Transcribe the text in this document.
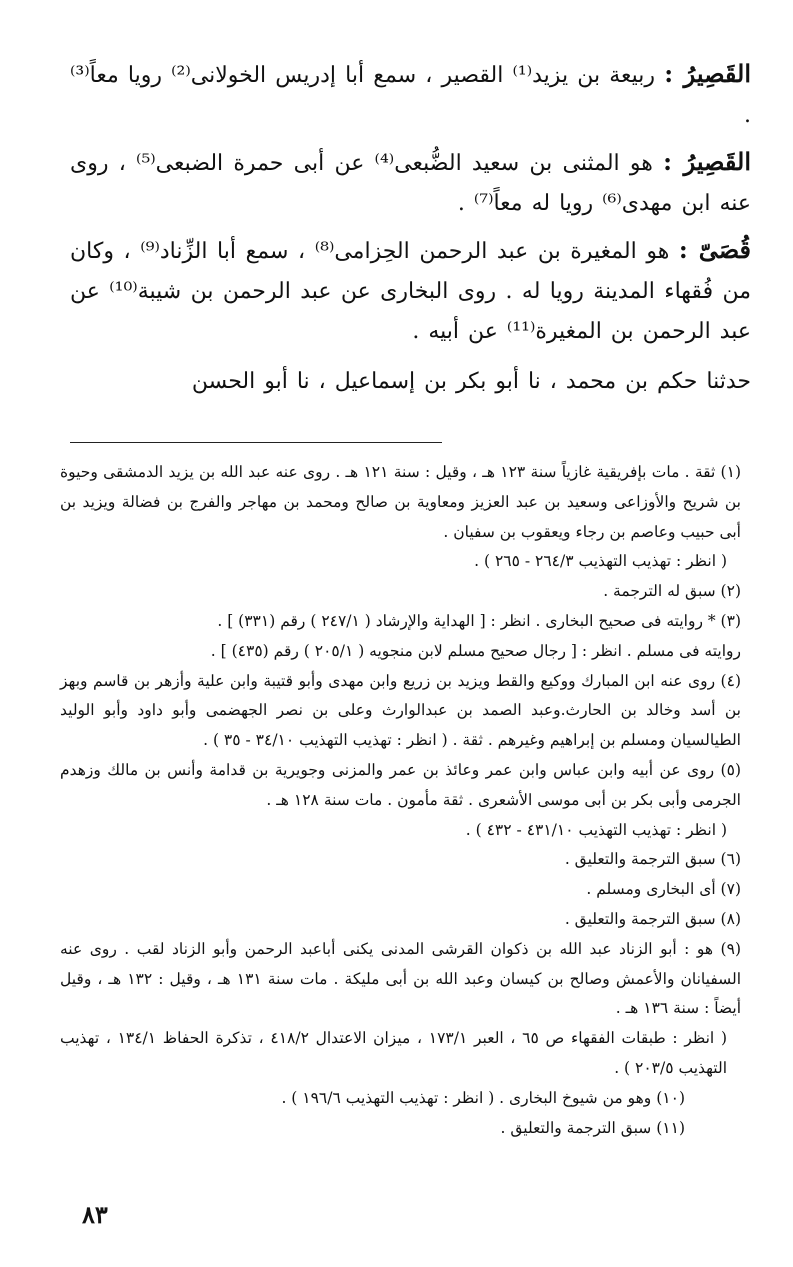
القَصِيرُ : ربيعة بن يزيد⁽¹⁾ القصير ، سمع أبا إدريس الخولانى⁽²⁾ رويا معاً⁽³⁾ .

القَصِيرُ : هو المثنى بن سعيد الضُّبعى⁽⁴⁾ عن أبى حمرة الضبعى⁽⁵⁾ ، روى عنه ابن مهدى⁽⁶⁾ رويا له معاً⁽⁷⁾ .

قُصَىّ : هو المغيرة بن عبد الرحمن الحِزامى⁽⁸⁾ ، سمع أبا الزِّناد⁽⁹⁾ ، وكان من فُقهاء المدينة رويا له . روى البخارى عن عبد الرحمن بن شيبة⁽¹⁰⁾ عن عبد الرحمن بن المغيرة⁽¹¹⁾ عن أبيه .

حدثنا حكم بن محمد ، نا أبو بكر بن إسماعيل ، نا أبو الحسن

(١) ثقة . مات بإفريقية غازياً سنة ١٢٣ هـ ، وقيل : سنة ١٢١ هـ . روى عنه عبد الله بن يزيد الدمشقى وحيوة بن شريح والأوزاعى وسعيد بن عبد العزيز ومعاوية بن صالح ومحمد بن مهاجر والفرج بن فضالة ويزيد بن أبى حبيب وعاصم بن رجاء ويعقوب بن سفيان .

( انظر : تهذيب التهذيب ٢٦٤/٣ - ٢٦٥ ) .

(٢) سبق له الترجمة .

(٣) * روايته فى صحيح البخارى . انظر : [ الهداية والإرشاد ( ٢٤٧/١ ) رقم (٣٣١) ] .

روايته فى مسلم . انظر : [ رجال صحيح مسلم لابن منجويه ( ٢٠٥/١ ) رقم (٤٣٥) ] .

(٤) روى عنه ابن المبارك ووكيع والقط ويزيد بن زريع وابن مهدى وأبو قتيبة وابن علية وأزهر بن قاسم وبهز بن أسد وخالد بن الحارث.وعبد الصمد بن عبدالوارث وعلى بن نصر الجهضمى وأبو داود وأبو الوليد الطيالسيان ومسلم بن إبراهيم وغيرهم . ثقة . ( انظر : تهذيب التهذيب ٣٤/١٠ - ٣٥ ) .

(٥) روى عن أبيه وابن عباس وابن عمر وعائذ بن عمر والمزنى وجويرية بن قدامة وأنس بن مالك وزهدم الجرمى وأبى بكر بن أبى موسى الأشعرى . ثقة مأمون . مات سنة ١٢٨ هـ .

( انظر : تهذيب التهذيب ٤٣١/١٠ - ٤٣٢ ) .

(٦) سبق الترجمة والتعليق .

(٧) أى البخارى ومسلم .

(٨) سبق الترجمة والتعليق .

(٩) هو : أبو الزناد عبد الله بن ذكوان القرشى المدنى يكنى أباعبد الرحمن وأبو الزناد لقب . روى عنه السفيانان والأعمش وصالح بن كيسان وعبد الله بن أبى مليكة . مات سنة ١٣١ هـ ، وقيل : ١٣٢ هـ ، وقيل أيضاً : سنة ١٣٦ هـ .

( انظر : طبقات الفقهاء ص ٦٥ ، العبر ١٧٣/١ ، ميزان الاعتدال ٤١٨/٢ ، تذكرة الحفاظ ١٣٤/١ ، تهذيب التهذيب ٢٠٣/٥ ) .

(١٠) وهو من شيوخ البخارى . ( انظر : تهذيب التهذيب ١٩٦/٦ ) .

(١١) سبق الترجمة والتعليق .

٨٣
